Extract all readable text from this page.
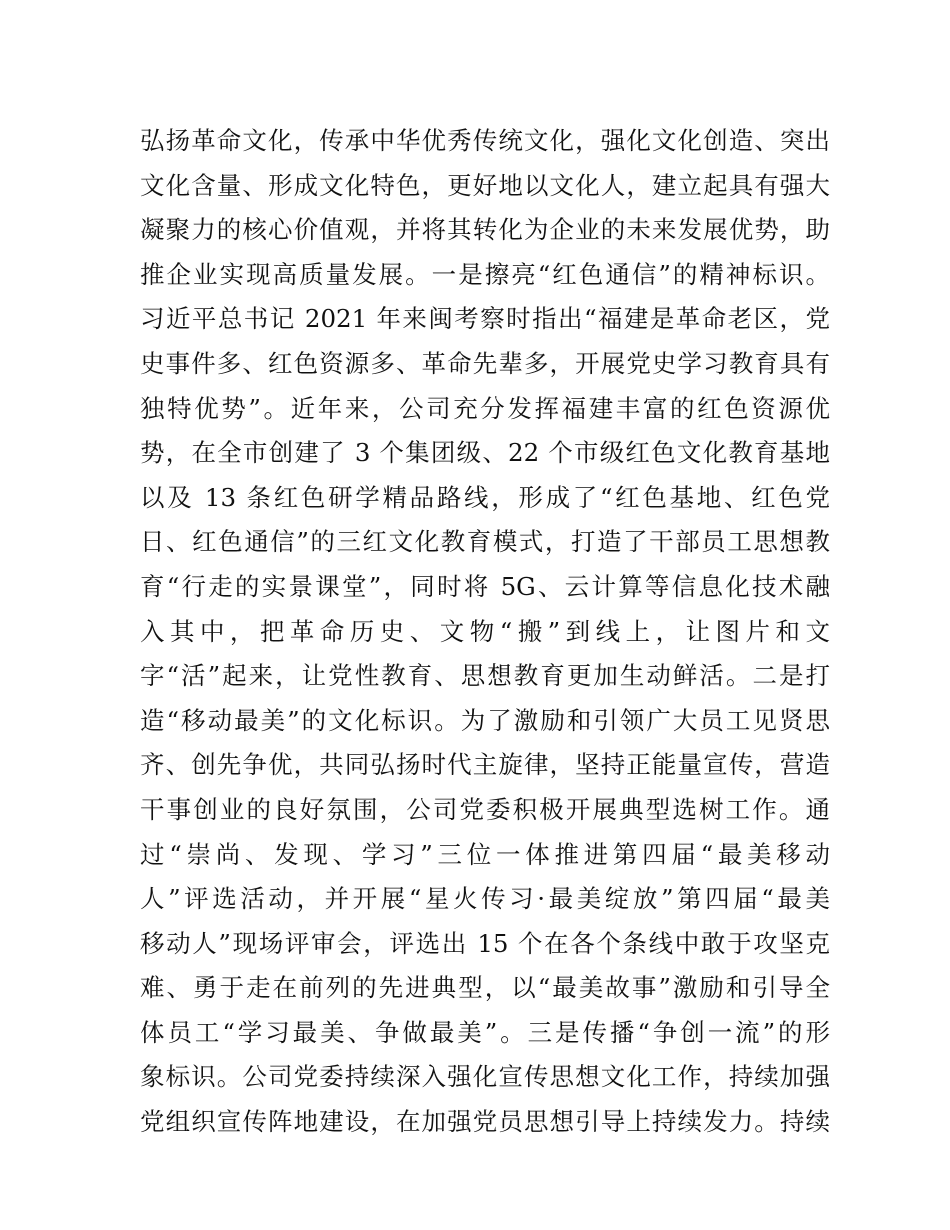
弘扬革命文化，传承中华优秀传统文化，强化文化创造、突出
文化含量、形成文化特色，更好地以文化人，建立起具有强大
凝聚力的核心价值观，并将其转化为企业的未来发展优势，助
推企业实现高质量发展。一是擦亮“红色通信”的精神标识。
习近平总书记 2021 年来闽考察时指出“福建是革命老区，党
史事件多、红色资源多、革命先辈多，开展党史学习教育具有
独特优势”。近年来，公司充分发挥福建丰富的红色资源优
势，在全市创建了 3 个集团级、22 个市级红色文化教育基地
以及 13 条红色研学精品路线，形成了“红色基地、红色党
日、红色通信”的三红文化教育模式，打造了干部员工思想教
育“行走的实景课堂”，同时将 5G、云计算等信息化技术融
入其中，把革命历史、文物“搬”到线上，让图片和文
字“活”起来，让党性教育、思想教育更加生动鲜活。二是打
造“移动最美”的文化标识。为了激励和引领广大员工见贤思
齐、创先争优，共同弘扬时代主旋律，坚持正能量宣传，营造
干事创业的良好氛围，公司党委积极开展典型选树工作。通
过“崇尚、发现、学习”三位一体推进第四届“最美移动
人”评选活动，并开展“星火传习·最美绽放”第四届“最美
移动人”现场评审会，评选出 15 个在各个条线中敢于攻坚克
难、勇于走在前列的先进典型，以“最美故事”激励和引导全
体员工“学习最美、争做最美”。三是传播“争创一流”的形
象标识。公司党委持续深入强化宣传思想文化工作，持续加强
党组织宣传阵地建设，在加强党员思想引导上持续发力。持续
